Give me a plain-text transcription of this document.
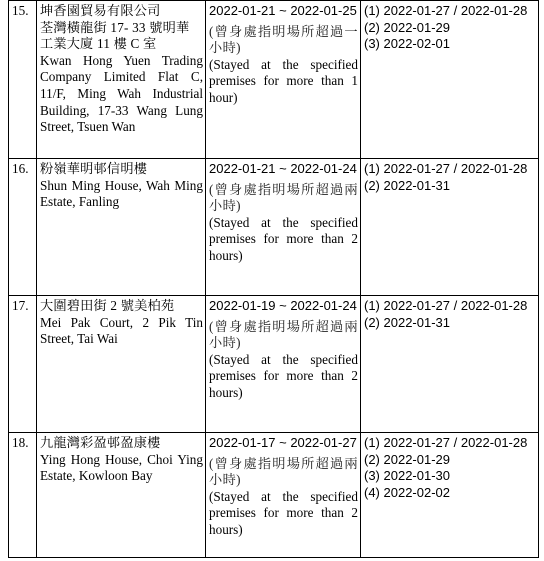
15.	坤香園貿易有限公司
荃灣橫龍街 17- 33 號明華
工業大廈 11 樓 C 室
Kwan Hong Yuen Trading Company Limited Flat C, 11/F, Ming Wah Industrial Building, 17-33 Wang Lung Street, Tsuen Wan	2022-01-21 ~ 2022-01-25
(曾身處指明場所超過一小時)
(Stayed at the specified premises for more than 1 hour)	(1) 2022-01-27 / 2022-01-28
(2) 2022-01-29
(3) 2022-02-01

16.	粉嶺華明邨信明樓
Shun Ming House, Wah Ming Estate, Fanling	2022-01-21 ~ 2022-01-24
(曾身處指明場所超過兩小時)
(Stayed at the specified premises for more than 2 hours)	(1) 2022-01-27 / 2022-01-28
(2) 2022-01-31

17.	大圍碧田街 2 號美柏苑
Mei Pak Court, 2 Pik Tin Street, Tai Wai	2022-01-19 ~ 2022-01-24
(曾身處指明場所超過兩小時)
(Stayed at the specified premises for more than 2 hours)	(1) 2022-01-27 / 2022-01-28
(2) 2022-01-31

18.	九龍灣彩盈邨盈康樓
Ying Hong House, Choi Ying Estate, Kowloon Bay	2022-01-17 ~ 2022-01-27
(曾身處指明場所超過兩小時)
(Stayed at the specified premises for more than 2 hours)	(1) 2022-01-27 / 2022-01-28
(2) 2022-01-29
(3) 2022-01-30
(4) 2022-02-02
